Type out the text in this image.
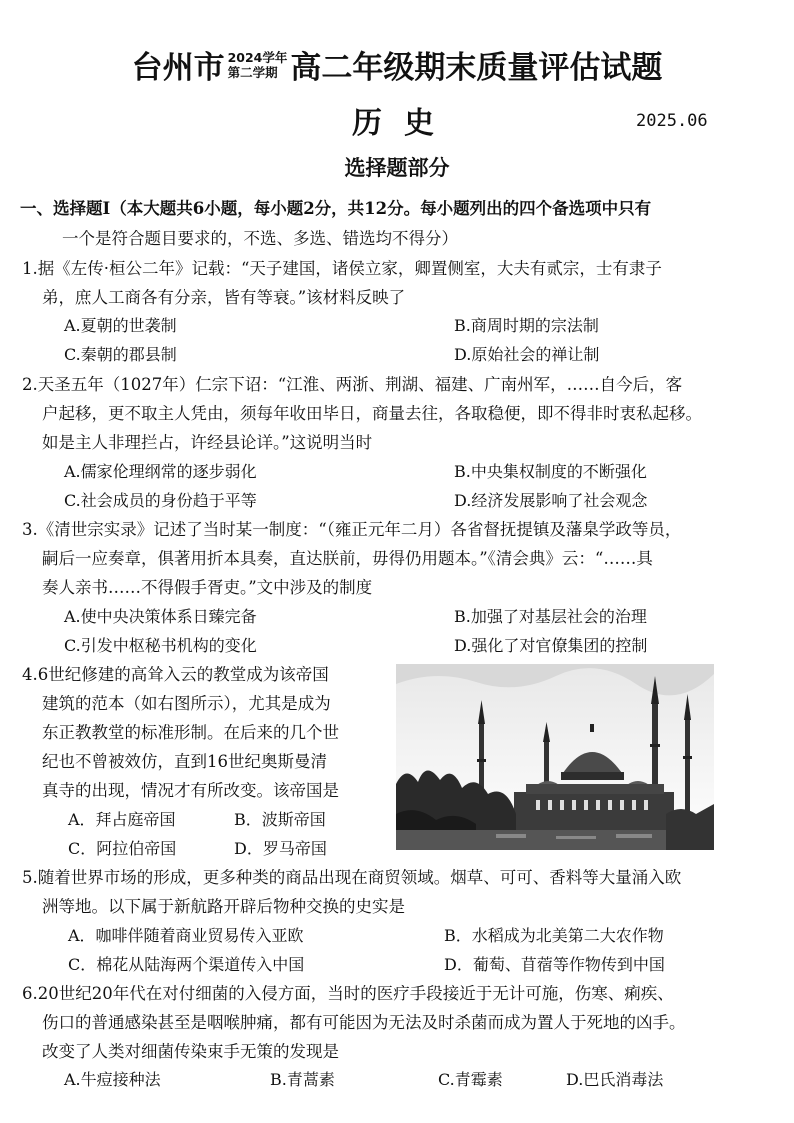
台州市 2024学年
第二学期 高二年级期末质量评估试题
历史	2025.06
选择题部分
一、选择题Ⅰ（本大题共6小题，每小题2分，共12分。每小题列出的四个备选项中只有
一个是符合题目要求的，不选、多选、错选均不得分）
1.据《左传·桓公二年》记载：“天子建国，诸侯立家，卿置侧室，大夫有贰宗，士有隶子
弟，庶人工商各有分亲，皆有等衰。”该材料反映了
A.夏朝的世袭制	B.商周时期的宗法制
C.秦朝的郡县制	D.原始社会的禅让制
2.天圣五年（1027年）仁宗下诏：“江淮、两浙、荆湖、福建、广南州军，……自今后，客
户起移，更不取主人凭由，须每年收田毕日，商量去往，各取稳便，即不得非时衷私起移。
如是主人非理拦占，许经县论详。”这说明当时
A.儒家伦理纲常的逐步弱化	B.中央集权制度的不断强化
C.社会成员的身份趋于平等	D.经济发展影响了社会观念
3.《清世宗实录》记述了当时某一制度：“（雍正元年二月）各省督抚提镇及藩臬学政等员，
嗣后一应奏章，俱著用折本具奏，直达朕前，毋得仍用题本。”《清会典》云：“……具
奏人亲书……不得假手胥吏。”文中涉及的制度
A.使中央决策体系日臻完备	B.加强了对基层社会的治理
C.引发中枢秘书机构的变化	D.强化了对官僚集团的控制
4.6世纪修建的高耸入云的教堂成为该帝国
建筑的范本（如右图所示），尤其是成为
东正教教堂的标准形制。在后来的几个世
纪也不曾被效仿，直到16世纪奥斯曼清
真寺的出现，情况才有所改变。该帝国是
A．拜占庭帝国	B．波斯帝国
C．阿拉伯帝国	D．罗马帝国
5.随着世界市场的形成，更多种类的商品出现在商贸领域。烟草、可可、香料等大量涌入欧
洲等地。以下属于新航路开辟后物种交换的史实是
A．咖啡伴随着商业贸易传入亚欧	B．水稻成为北美第二大农作物
C．棉花从陆海两个渠道传入中国	D．葡萄、苜蓿等作物传到中国
6.20世纪20年代在对付细菌的入侵方面，当时的医疗手段接近于无计可施，伤寒、痢疾、
伤口的普通感染甚至是咽喉肿痛，都有可能因为无法及时杀菌而成为置人于死地的凶手。
改变了人类对细菌传染束手无策的发现是
A.牛痘接种法	B.青蒿素	C.青霉素	D.巴氏消毒法
